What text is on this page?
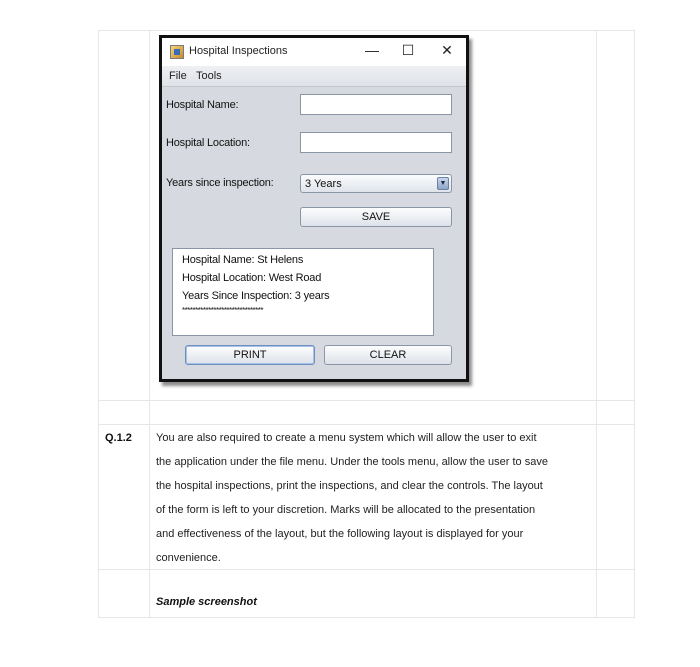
Hospital Inspections	— ☐ ✕
File Tools
Hospital Name:
Hospital Location:
Years since inspection:	3 Years	▼
SAVE
Hospital Name: St Helens
Hospital Location: West Road
Years Since Inspection: 3 years
*******************************
PRINT	CLEAR
Q.1.2 You are also required to create a menu system which will allow the user to exit
the application under the file menu. Under the tools menu, allow the user to save
the hospital inspections, print the inspections, and clear the controls. The layout
of the form is left to your discretion. Marks will be allocated to the presentation
and effectiveness of the layout, but the following layout is displayed for your
convenience.
Sample screenshot
